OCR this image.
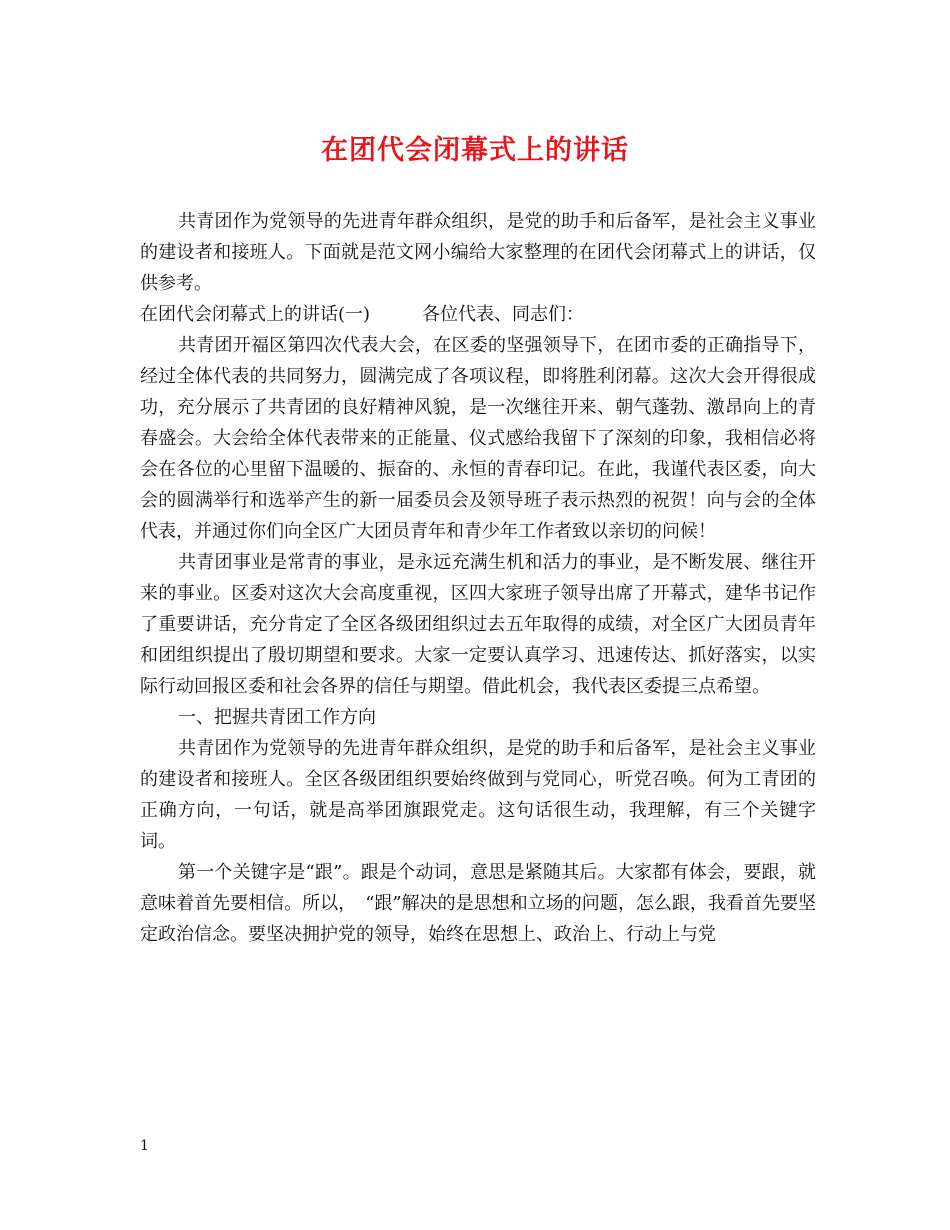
在团代会闭幕式上的讲话

共青团作为党领导的先进青年群众组织，是党的助手和后备军，是社会主义事业的建设者和接班人。下面就是范文网小编给大家整理的在团代会闭幕式上的讲话，仅供参考。

在团代会闭幕式上的讲话(一)	各位代表、同志们：

共青团开福区第四次代表大会，在区委的坚强领导下，在团市委的正确指导下，经过全体代表的共同努力，圆满完成了各项议程，即将胜利闭幕。这次大会开得很成功，充分展示了共青团的良好精神风貌，是一次继往开来、朝气蓬勃、激昂向上的青春盛会。大会给全体代表带来的正能量、仪式感给我留下了深刻的印象，我相信必将会在各位的心里留下温暖的、振奋的、永恒的青春印记。在此，我谨代表区委，向大会的圆满举行和选举产生的新一届委员会及领导班子表示热烈的祝贺！向与会的全体代表，并通过你们向全区广大团员青年和青少年工作者致以亲切的问候！

共青团事业是常青的事业，是永远充满生机和活力的事业，是不断发展、继往开来的事业。区委对这次大会高度重视，区四大家班子领导出席了开幕式，建华书记作了重要讲话，充分肯定了全区各级团组织过去五年取得的成绩，对全区广大团员青年和团组织提出了殷切期望和要求。大家一定要认真学习、迅速传达、抓好落实，以实际行动回报区委和社会各界的信任与期望。借此机会，我代表区委提三点希望。

一、把握共青团工作方向

共青团作为党领导的先进青年群众组织，是党的助手和后备军，是社会主义事业的建设者和接班人。全区各级团组织要始终做到与党同心，听党召唤。何为工青团的正确方向，一句话，就是高举团旗跟党走。这句话很生动，我理解，有三个关键字词。

第一个关键字是“跟”。跟是个动词，意思是紧随其后。大家都有体会，要跟，就意味着首先要相信。所以，　“跟”解决的是思想和立场的问题，怎么跟，我看首先要坚定政治信念。要坚决拥护党的领导，始终在思想上、政治上、行动上与党

1
